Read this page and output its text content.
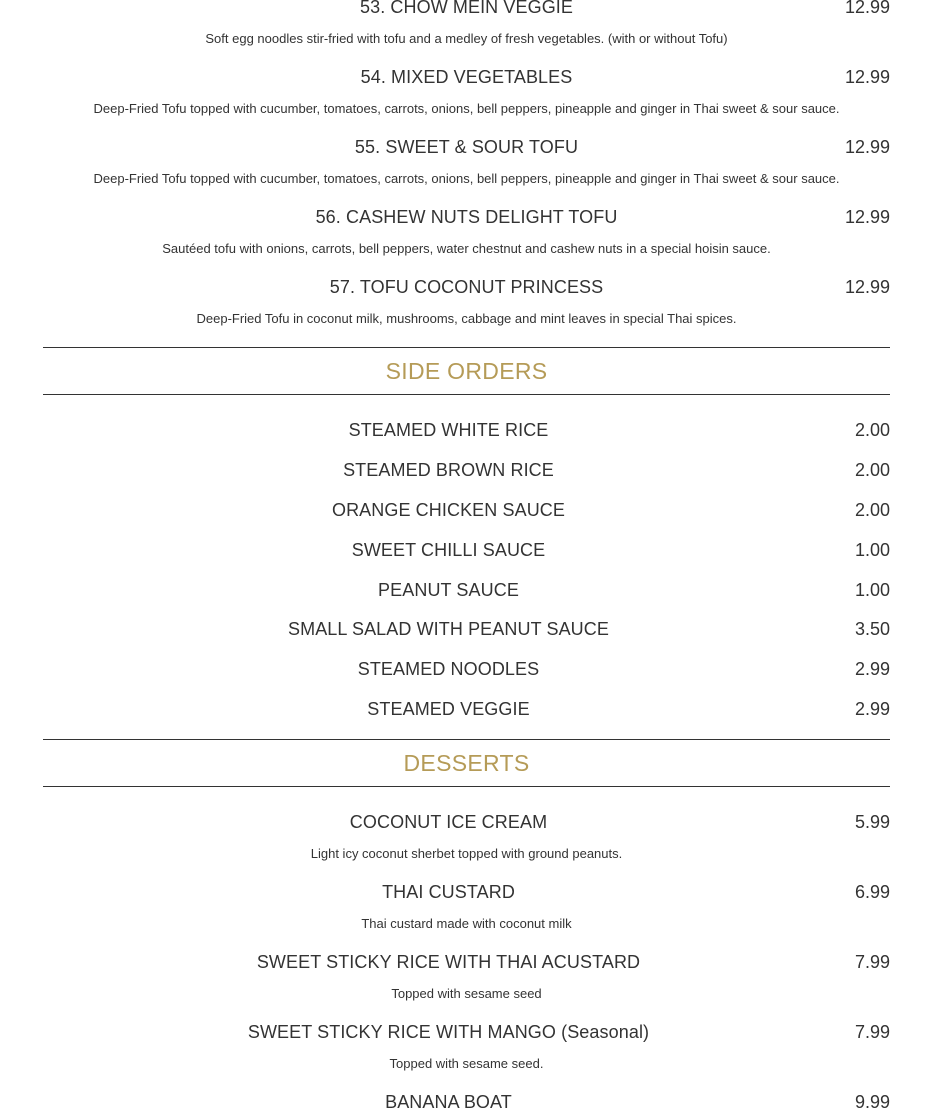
53. CHOW MEIN VEGGIE	12.99
Soft egg noodles stir-fried with tofu and a medley of fresh vegetables. (with or without Tofu)
54. MIXED VEGETABLES	12.99
Deep-Fried Tofu topped with cucumber, tomatoes, carrots, onions, bell peppers, pineapple and ginger in Thai sweet & sour sauce.
55. SWEET & SOUR TOFU	12.99
Deep-Fried Tofu topped with cucumber, tomatoes, carrots, onions, bell peppers, pineapple and ginger in Thai sweet & sour sauce.
56. CASHEW NUTS DELIGHT TOFU	12.99
Sautéed tofu with onions, carrots, bell peppers, water chestnut and cashew nuts in a special hoisin sauce.
57. TOFU COCONUT PRINCESS	12.99
Deep-Fried Tofu in coconut milk, mushrooms, cabbage and mint leaves in special Thai spices.
SIDE ORDERS
STEAMED WHITE RICE	2.00
STEAMED BROWN RICE	2.00
ORANGE CHICKEN SAUCE	2.00
SWEET CHILLI SAUCE	1.00
PEANUT SAUCE	1.00
SMALL SALAD WITH PEANUT SAUCE	3.50
STEAMED NOODLES	2.99
STEAMED VEGGIE	2.99
DESSERTS
COCONUT ICE CREAM	5.99
Light icy coconut sherbet topped with ground peanuts.
THAI CUSTARD	6.99
Thai custard made with coconut milk
SWEET STICKY RICE WITH THAI ACUSTARD	7.99
Topped with sesame seed
SWEET STICKY RICE WITH MANGO (Seasonal)	7.99
Topped with sesame seed.
BANANA BOAT	9.99
